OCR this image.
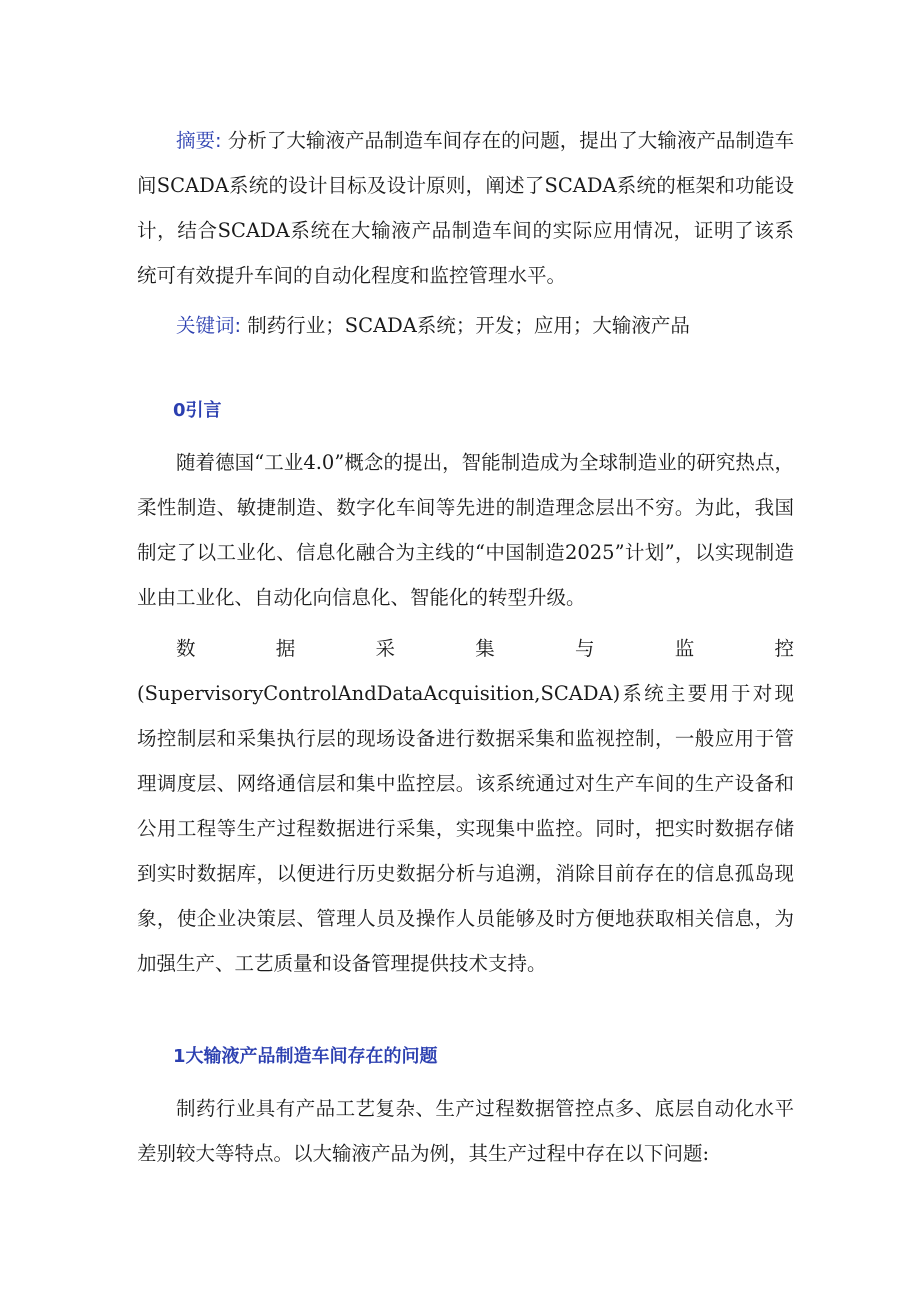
摘要: 分析了大输液产品制造车间存在的问题，提出了大输液产品制造车间SCADA系统的设计目标及设计原则，阐述了SCADA系统的框架和功能设计，结合SCADA系统在大输液产品制造车间的实际应用情况，证明了该系统可有效提升车间的自动化程度和监控管理水平。

关键词: 制药行业；SCADA系统；开发；应用；大输液产品

0引言

随着德国“工业4.0”概念的提出，智能制造成为全球制造业的研究热点，柔性制造、敏捷制造、数字化车间等先进的制造理念层出不穷。为此，我国制定了以工业化、信息化融合为主线的“中国制造2025”计划”，以实现制造业由工业化、自动化向信息化、智能化的转型升级。

数据采集与监控(SupervisoryControlAndDataAcquisition,SCADA)系统主要用于对现场控制层和采集执行层的现场设备进行数据采集和监视控制，一般应用于管理调度层、网络通信层和集中监控层。该系统通过对生产车间的生产设备和公用工程等生产过程数据进行采集，实现集中监控。同时，把实时数据存储到实时数据库，以便进行历史数据分析与追溯，消除目前存在的信息孤岛现象，使企业决策层、管理人员及操作人员能够及时方便地获取相关信息，为加强生产、工艺质量和设备管理提供技术支持。

1大输液产品制造车间存在的问题

制药行业具有产品工艺复杂、生产过程数据管控点多、底层自动化水平差别较大等特点。以大输液产品为例，其生产过程中存在以下问题:
